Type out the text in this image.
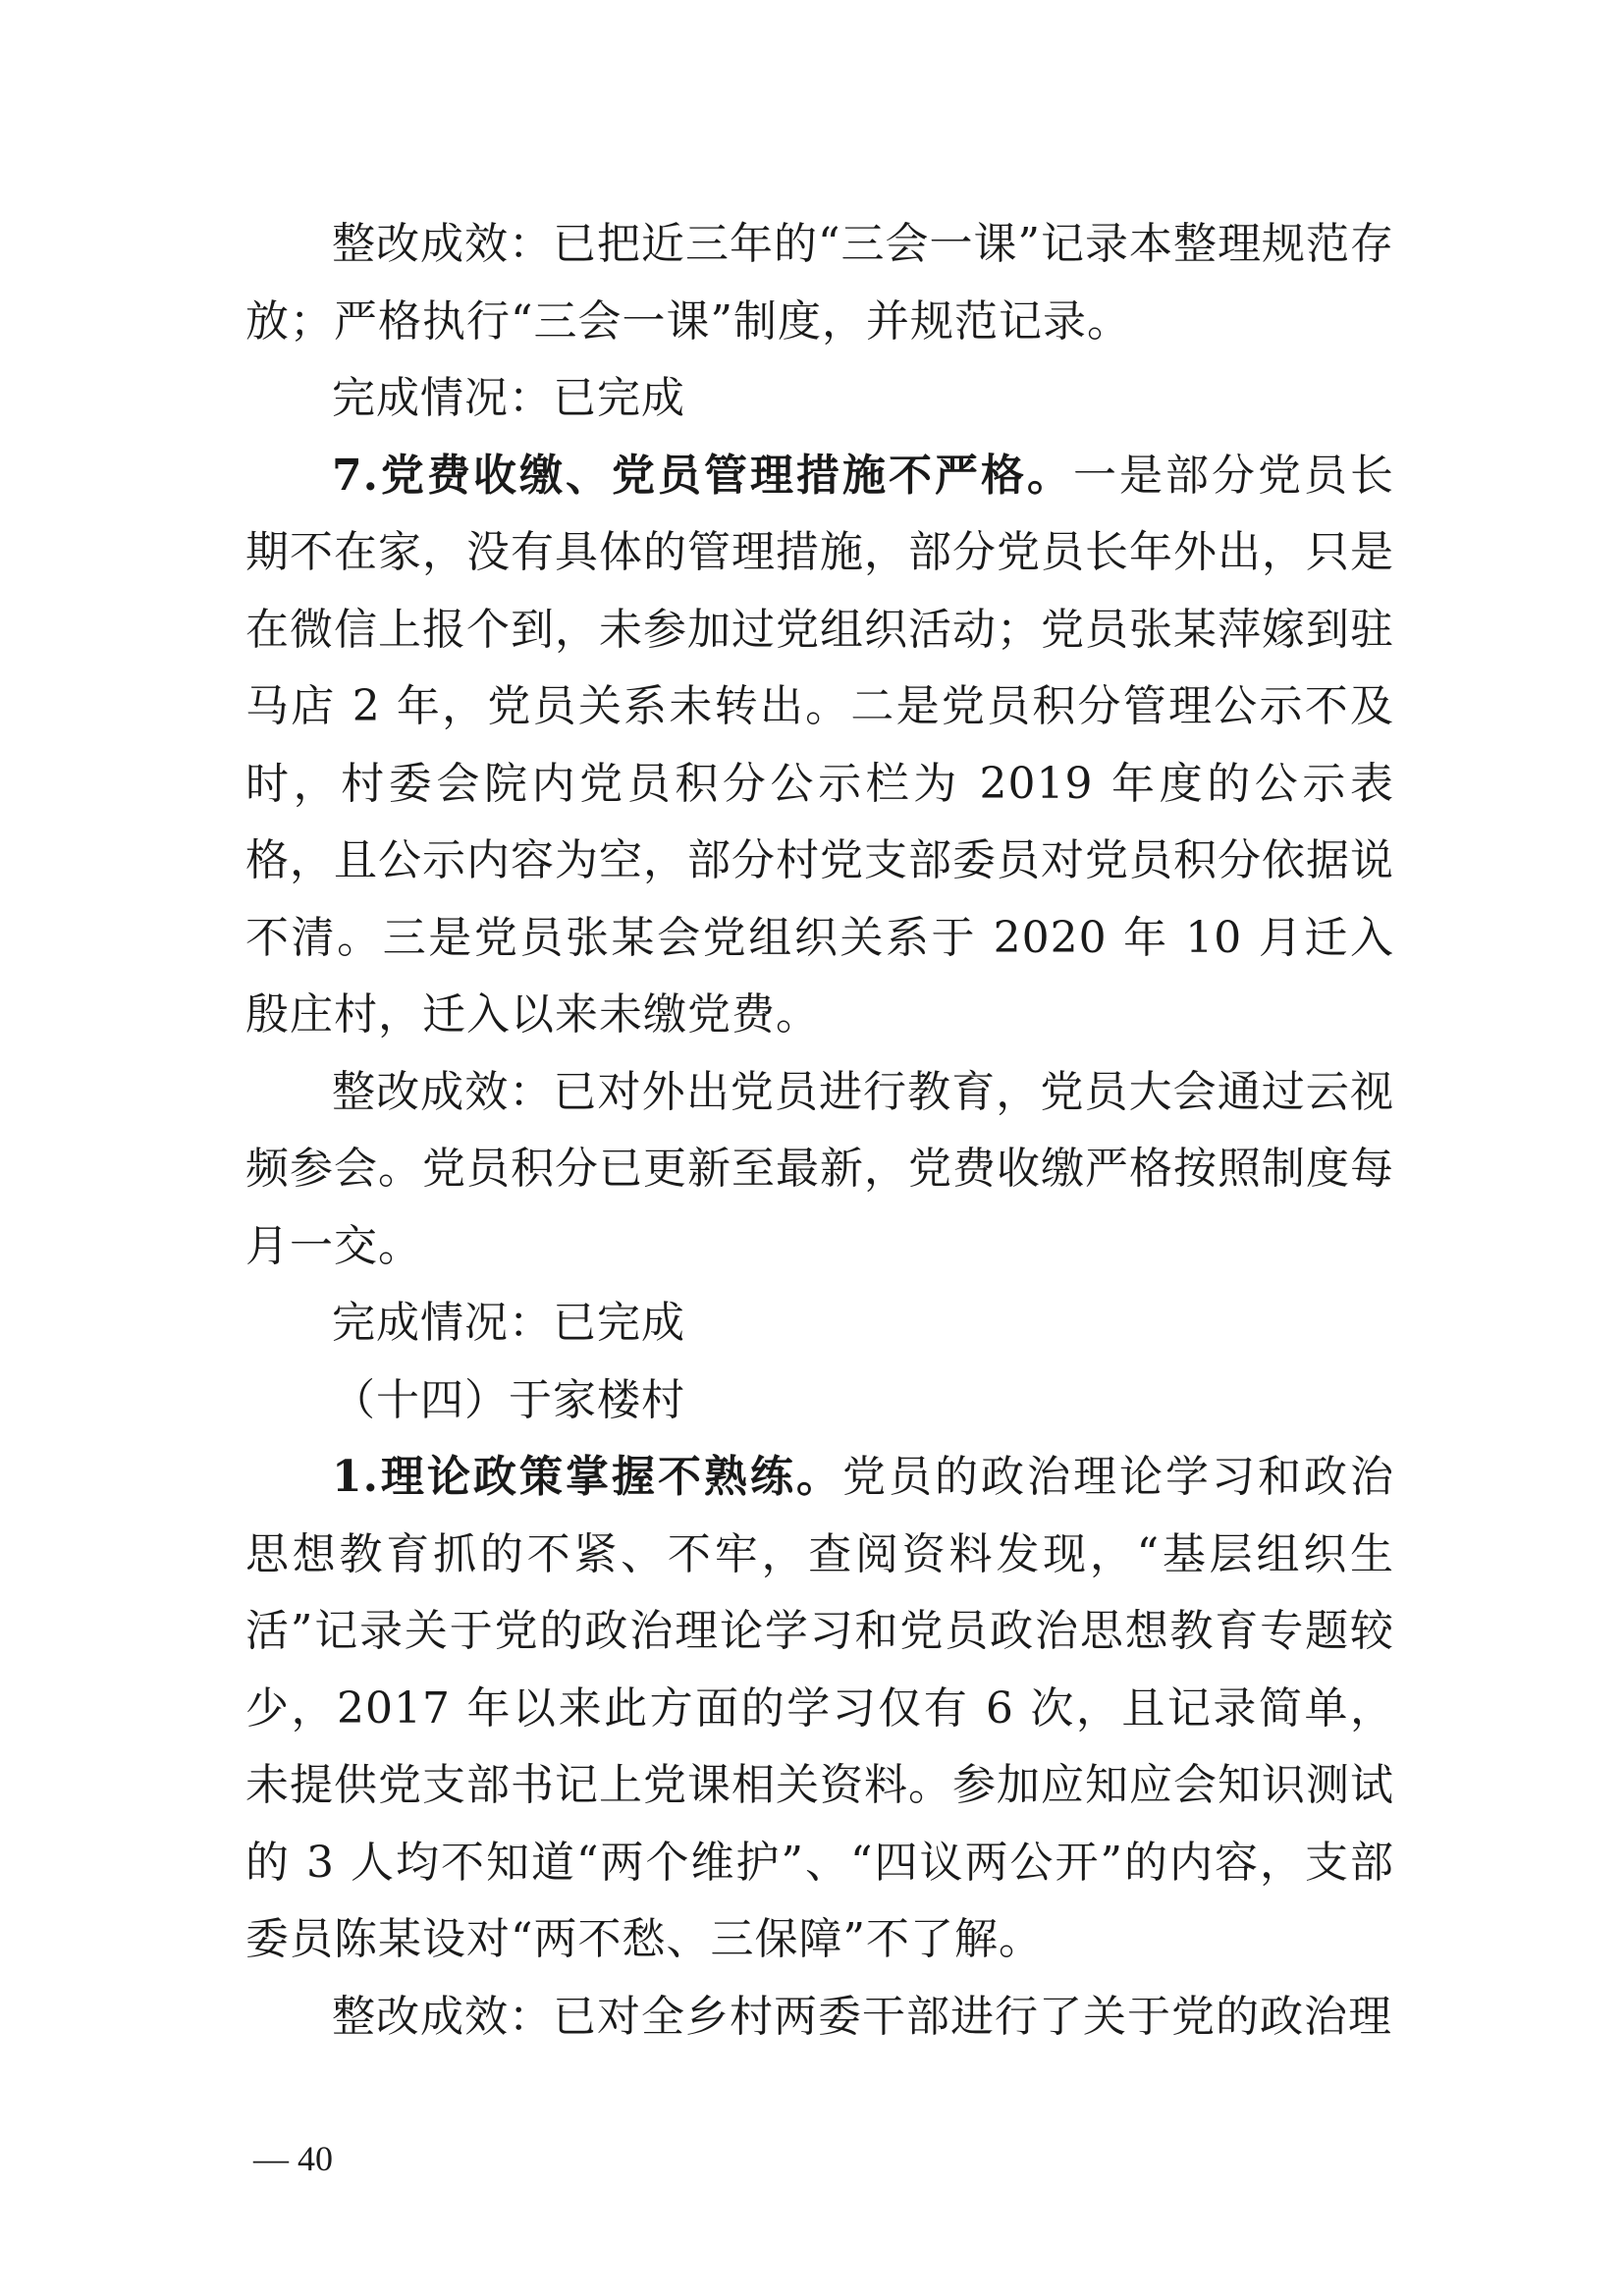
整改成效：已把近三年的“三会一课”记录本整理规范存放；严格执行“三会一课”制度，并规范记录。

完成情况：已完成

7.党费收缴、党员管理措施不严格。一是部分党员长期不在家，没有具体的管理措施，部分党员长年外出，只是在微信上报个到，未参加过党组织活动；党员张某萍嫁到驻马店 2 年，党员关系未转出。二是党员积分管理公示不及时，村委会院内党员积分公示栏为 2019 年度的公示表格，且公示内容为空，部分村党支部委员对党员积分依据说不清。三是党员张某会党组织关系于 2020 年 10 月迁入殷庄村，迁入以来未缴党费。

整改成效：已对外出党员进行教育，党员大会通过云视频参会。党员积分已更新至最新，党费收缴严格按照制度每月一交。

完成情况：已完成

（十四）于家楼村

1.理论政策掌握不熟练。党员的政治理论学习和政治思想教育抓的不紧、不牢，查阅资料发现，“基层组织生活”记录关于党的政治理论学习和党员政治思想教育专题较少，2017 年以来此方面的学习仅有 6 次，且记录简单，未提供党支部书记上党课相关资料。参加应知应会知识测试的 3 人均不知道“两个维护”、“四议两公开”的内容，支部委员陈某设对“两不愁、三保障”不了解。

整改成效：已对全乡村两委干部进行了关于党的政治理

— 40
